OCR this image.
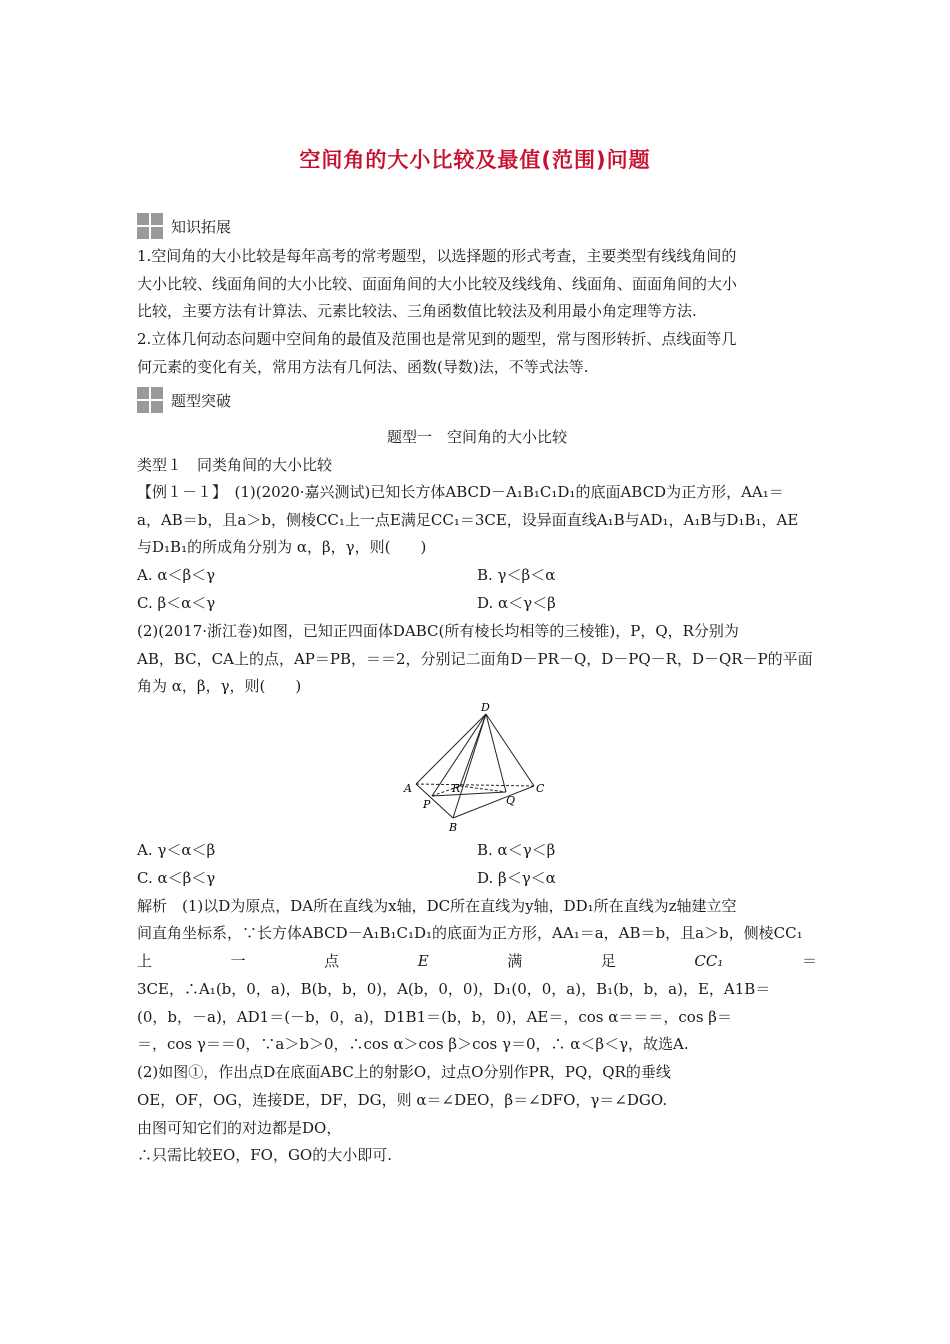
空间角的大小比较及最值(范围)问题
知识拓展
1.空间角的大小比较是每年高考的常考题型，以选择题的形式考查，主要类型有线线角间的
大小比较、线面角间的大小比较、面面角间的大小比较及线线角、线面角、面面角间的大小
比较，主要方法有计算法、元素比较法、三角函数值比较法及利用最小角定理等方法.
2.立体几何动态问题中空间角的最值及范围也是常见到的题型，常与图形转折、点线面等几
何元素的变化有关，常用方法有几何法、函数(导数)法，不等式法等.
题型突破
题型一　空间角的大小比较
类型１　同类角间的大小比较
【例１－１】　(1)(2020·嘉兴测试)已知长方体ABCD－A₁B₁C₁D₁的底面ABCD为正方形，AA₁＝
a，AB＝b，且a＞b，侧棱CC₁上一点E满足CC₁＝3CE，设异面直线A₁B与AD₁，A₁B与D₁B₁，AE
与D₁B₁的所成角分别为 α，β，γ，则(　　)
A. α＜β＜γ	B. γ＜β＜α
C. β＜α＜γ	D. α＜γ＜β
(2)(2017·浙江卷)如图，已知正四面体DABC(所有棱长均相等的三棱锥)，P，Q，R分别为
AB，BC，CA上的点，AP＝PB，＝＝2，分别记二面角D－PR－Q，D－PQ－R，D－QR－P的平面
角为 α，β，γ，则(　　)
D
A
B
C
P	Q
R
A. γ＜α＜β	B. α＜γ＜β
C. α＜β＜γ	D. β＜γ＜α
解析　(1)以D为原点，DA所在直线为x轴，DC所在直线为y轴，DD₁所在直线为z轴建立空
间直角坐标系，∵长方体ABCD－A₁B₁C₁D₁的底面为正方形，AA₁＝a，AB＝b，且a＞b，侧棱CC₁
上	一	点	E	满	足	CC₁	＝
3CE，∴A₁(b，0，a)，B(b，b，0)，A(b，0，0)，D₁(0，0，a)，B₁(b，b，a)，E，A1B＝
(0，b，－a)，AD1＝(－b，0，a)，D1B1＝(b，b，0)，AE＝，cos α＝＝＝，cos β＝
＝，cos γ＝＝0，∵a＞b＞0，∴cos α＞cos β＞cos γ＝0，∴ α＜β＜γ，故选A.
(2)如图①，作出点D在底面ABC上的射影O，过点O分别作PR，PQ，QR的垂线
OE，OF，OG，连接DE，DF，DG，则 α＝∠DEO，β＝∠DFO，γ＝∠DGO.
由图可知它们的对边都是DO，
∴只需比较EO，FO，GO的大小即可.
